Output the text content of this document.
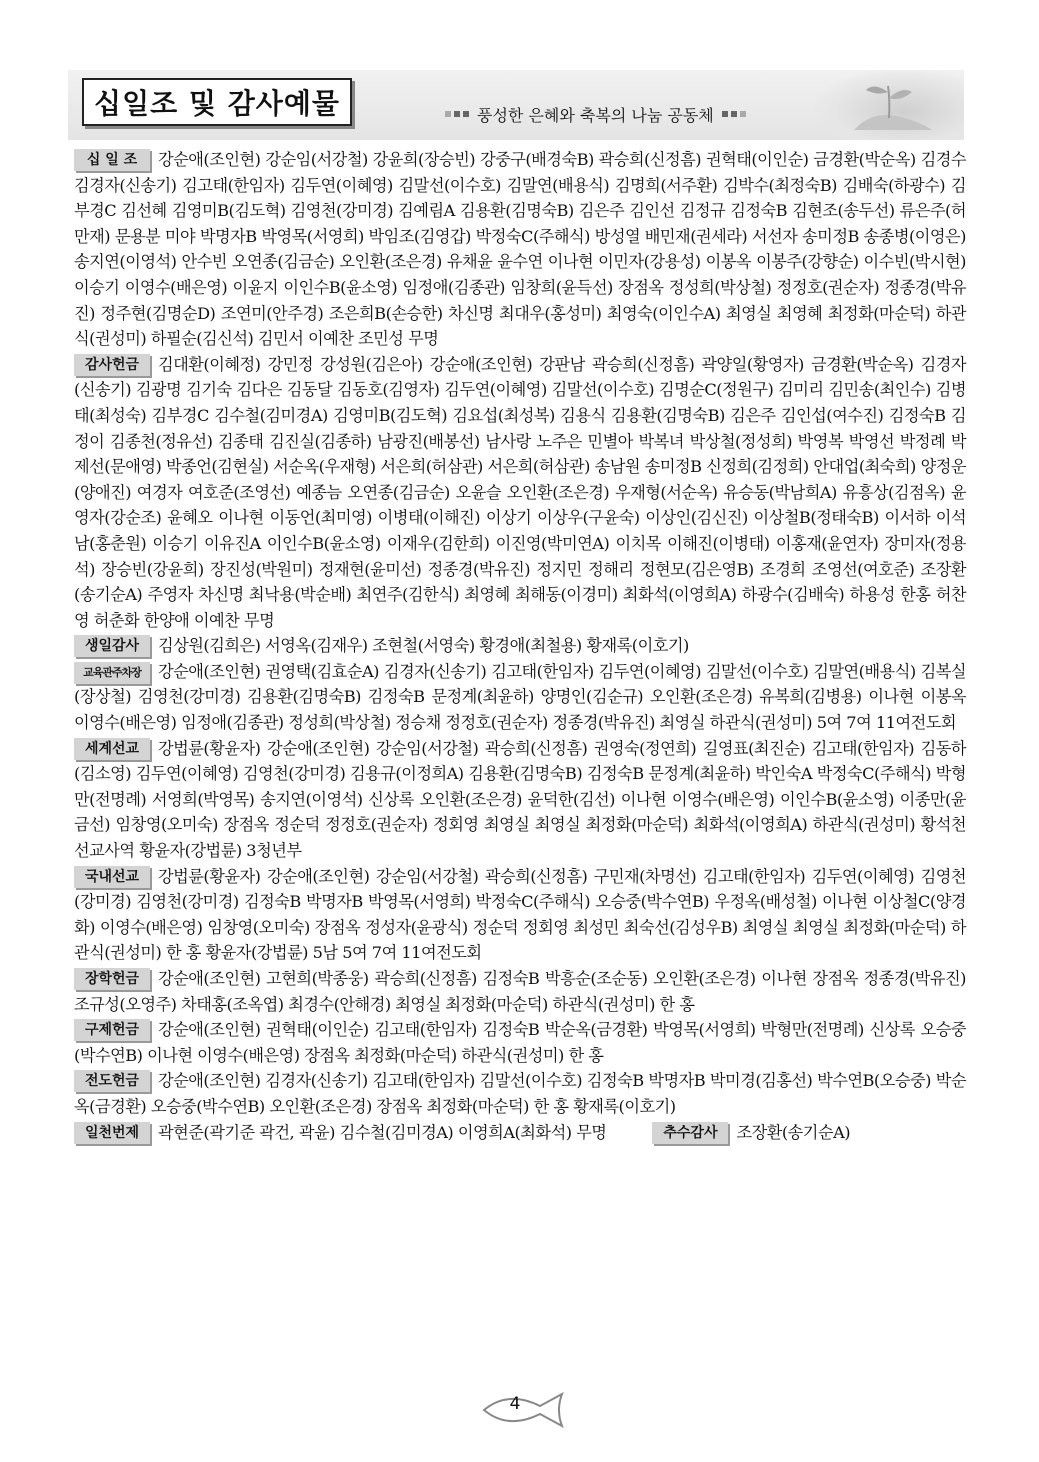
십일조 및 감사예물	풍성한 은혜와 축복의 나눔 공동체

십 일 조 강순애(조인현) 강순임(서강철) 강윤희(장승빈) 강중구(배경숙B) 곽승희(신정흠) 권혁태(이인순) 금경환(박순옥) 김경수 김경자(신송기) 김고태(한임자) 김두연(이혜영) 김말선(이수호) 김말연(배용식) 김명희(서주환) 김박수(최정숙B) 김배숙(하광수) 김부경C 김선혜 김영미B(김도혁) 김영천(강미경) 김예림A 김용환(김명숙B) 김은주 김인선 김정규 김정숙B 김현조(송두선) 류은주(허만재) 문용분 미야 박명자B 박영목(서영희) 박임조(김영갑) 박정숙C(주해식) 방성열 배민재(권세라) 서선자 송미정B 송종병(이영은) 송지연(이영석) 안수빈 오연종(김금순) 오인환(조은경) 유채윤 윤수연 이나현 이민자(강용성) 이봉옥 이봉주(강향순) 이수빈(박시현) 이승기 이영수(배은영) 이윤지 이인수B(윤소영) 임정애(김종관) 임창희(윤득선) 장점옥 정성희(박상철) 정정호(권순자) 정종경(박유진) 정주현(김명순D) 조연미(안주경) 조은희B(손승한) 차신명 최대우(홍성미) 최영숙(이인수A) 최영실 최영혜 최정화(마순덕) 하관식(권성미) 하필순(김신석) 김민서 이예찬 조민성 무명

감사헌금 김대환(이혜정) 강민정 강성원(김은아) 강순애(조인현) 강판남 곽승희(신정흠) 곽양일(황영자) 금경환(박순옥) 김경자(신송기) 김광명 김기숙 김다은 김동달 김동호(김영자) 김두연(이혜영) 김말선(이수호) 김명순C(정원구) 김미리 김민송(최인수) 김병태(최성숙) 김부경C 김수철(김미경A) 김영미B(김도혁) 김요섭(최성복) 김용식 김용환(김명숙B) 김은주 김인섭(여수진) 김정숙B 김정이 김종천(정유선) 김종태 김진실(김종하) 남광진(배봉선) 남사랑 노주은 민별아 박복녀 박상철(정성희) 박영복 박영선 박정례 박제선(문애영) 박종언(김현실) 서순옥(우재형) 서은희(허삼관) 서은희(허삼관) 송남원 송미정B 신정희(김정희) 안대업(최숙희) 양정운(양애진) 여경자 여호준(조영선) 예종늠 오연종(김금순) 오윤슬 오인환(조은경) 우재형(서순옥) 유승동(박남희A) 유흥상(김점옥) 윤영자(강순조) 윤혜오 이나현 이동언(최미영) 이병태(이해진) 이상기 이상우(구윤숙) 이상인(김신진) 이상철B(정태숙B) 이서하 이석남(홍춘원) 이승기 이유진A 이인수B(윤소영) 이재우(김한희) 이진영(박미연A) 이치목 이해진(이병태) 이홍재(윤연자) 장미자(정용석) 장승빈(강윤희) 장진성(박원미) 정재현(윤미선) 정종경(박유진) 정지민 정해리 정현모(김은영B) 조경희 조영선(여호준) 조장환(송기순A) 주영자 차신명 최낙용(박순배) 최연주(김한식) 최영혜 최해동(이경미) 최화석(이영희A) 하광수(김배숙) 하용성 한홍 허찬영 허춘화 한양애 이예찬 무명

생일감사 김상원(김희은) 서영옥(김재우) 조현철(서영숙) 황경애(최철용) 황재록(이호기)

교육관주차장 강순애(조인현) 권영택(김효순A) 김경자(신송기) 김고태(한임자) 김두연(이혜영) 김말선(이수호) 김말연(배용식) 김복실(장상철) 김영천(강미경) 김용환(김명숙B) 김정숙B 문정계(최윤하) 양명인(김순규) 오인환(조은경) 유복희(김병용) 이나현 이봉옥 이영수(배은영) 임정애(김종관) 정성희(박상철) 정승채 정정호(권순자) 정종경(박유진) 최영실 하관식(권성미) 5여 7여 11여전도회

세계선교 강법륜(황윤자) 강순애(조인현) 강순임(서강철) 곽승희(신정흠) 권영숙(정연희) 길영표(최진순) 김고태(한임자) 김동하(김소영) 김두연(이혜영) 김영천(강미경) 김용규(이정희A) 김용환(김명숙B) 김정숙B 문정계(최윤하) 박인숙A 박정숙C(주해식) 박형만(전명례) 서영희(박영목) 송지연(이영석) 신상록 오인환(조은경) 윤덕한(김선) 이나현 이영수(배은영) 이인수B(윤소영) 이종만(윤금선) 임창영(오미숙) 장점옥 정순덕 정정호(권순자) 정회영 최영실 최영실 최정화(마순덕) 최화석(이영희A) 하관식(권성미) 황석천선교사역 황윤자(강법륜) 3청년부

국내선교 강법륜(황윤자) 강순애(조인현) 강순임(서강철) 곽승희(신정흠) 구민재(차명선) 김고태(한임자) 김두연(이혜영) 김영천(강미경) 김영천(강미경) 김정숙B 박명자B 박영목(서영희) 박정숙C(주해식) 오승중(박수연B) 우정옥(배성철) 이나현 이상철C(양경화) 이영수(배은영) 임창영(오미숙) 장점옥 정성자(윤광식) 정순덕 정회영 최성민 최숙선(김성우B) 최영실 최영실 최정화(마순덕) 하관식(권성미) 한 홍 황윤자(강법륜) 5남 5여 7여 11여전도회

장학헌금 강순애(조인현) 고현희(박종웅) 곽승희(신정흠) 김정숙B 박흥순(조순동) 오인환(조은경) 이나현 장점옥 정종경(박유진) 조규성(오영주) 차태홍(조옥엽) 최경수(안해경) 최영실 최정화(마순덕) 하관식(권성미) 한 홍

구제헌금 강순애(조인현) 권혁태(이인순) 김고태(한임자) 김정숙B 박순옥(금경환) 박영목(서영희) 박형만(전명례) 신상록 오승중(박수연B) 이나현 이영수(배은영) 장점옥 최정화(마순덕) 하관식(권성미) 한 홍

전도헌금 강순애(조인현) 김경자(신송기) 김고태(한임자) 김말선(이수호) 김정숙B 박명자B 박미경(김홍선) 박수연B(오승중) 박순옥(금경환) 오승중(박수연B) 오인환(조은경) 장점옥 최정화(마순덕) 한 홍 황재록(이호기)

일천번제 곽현준(곽기준 곽건, 곽윤) 김수철(김미경A) 이영희A(최화석) 무명	추수감사 조장환(송기순A)
4
